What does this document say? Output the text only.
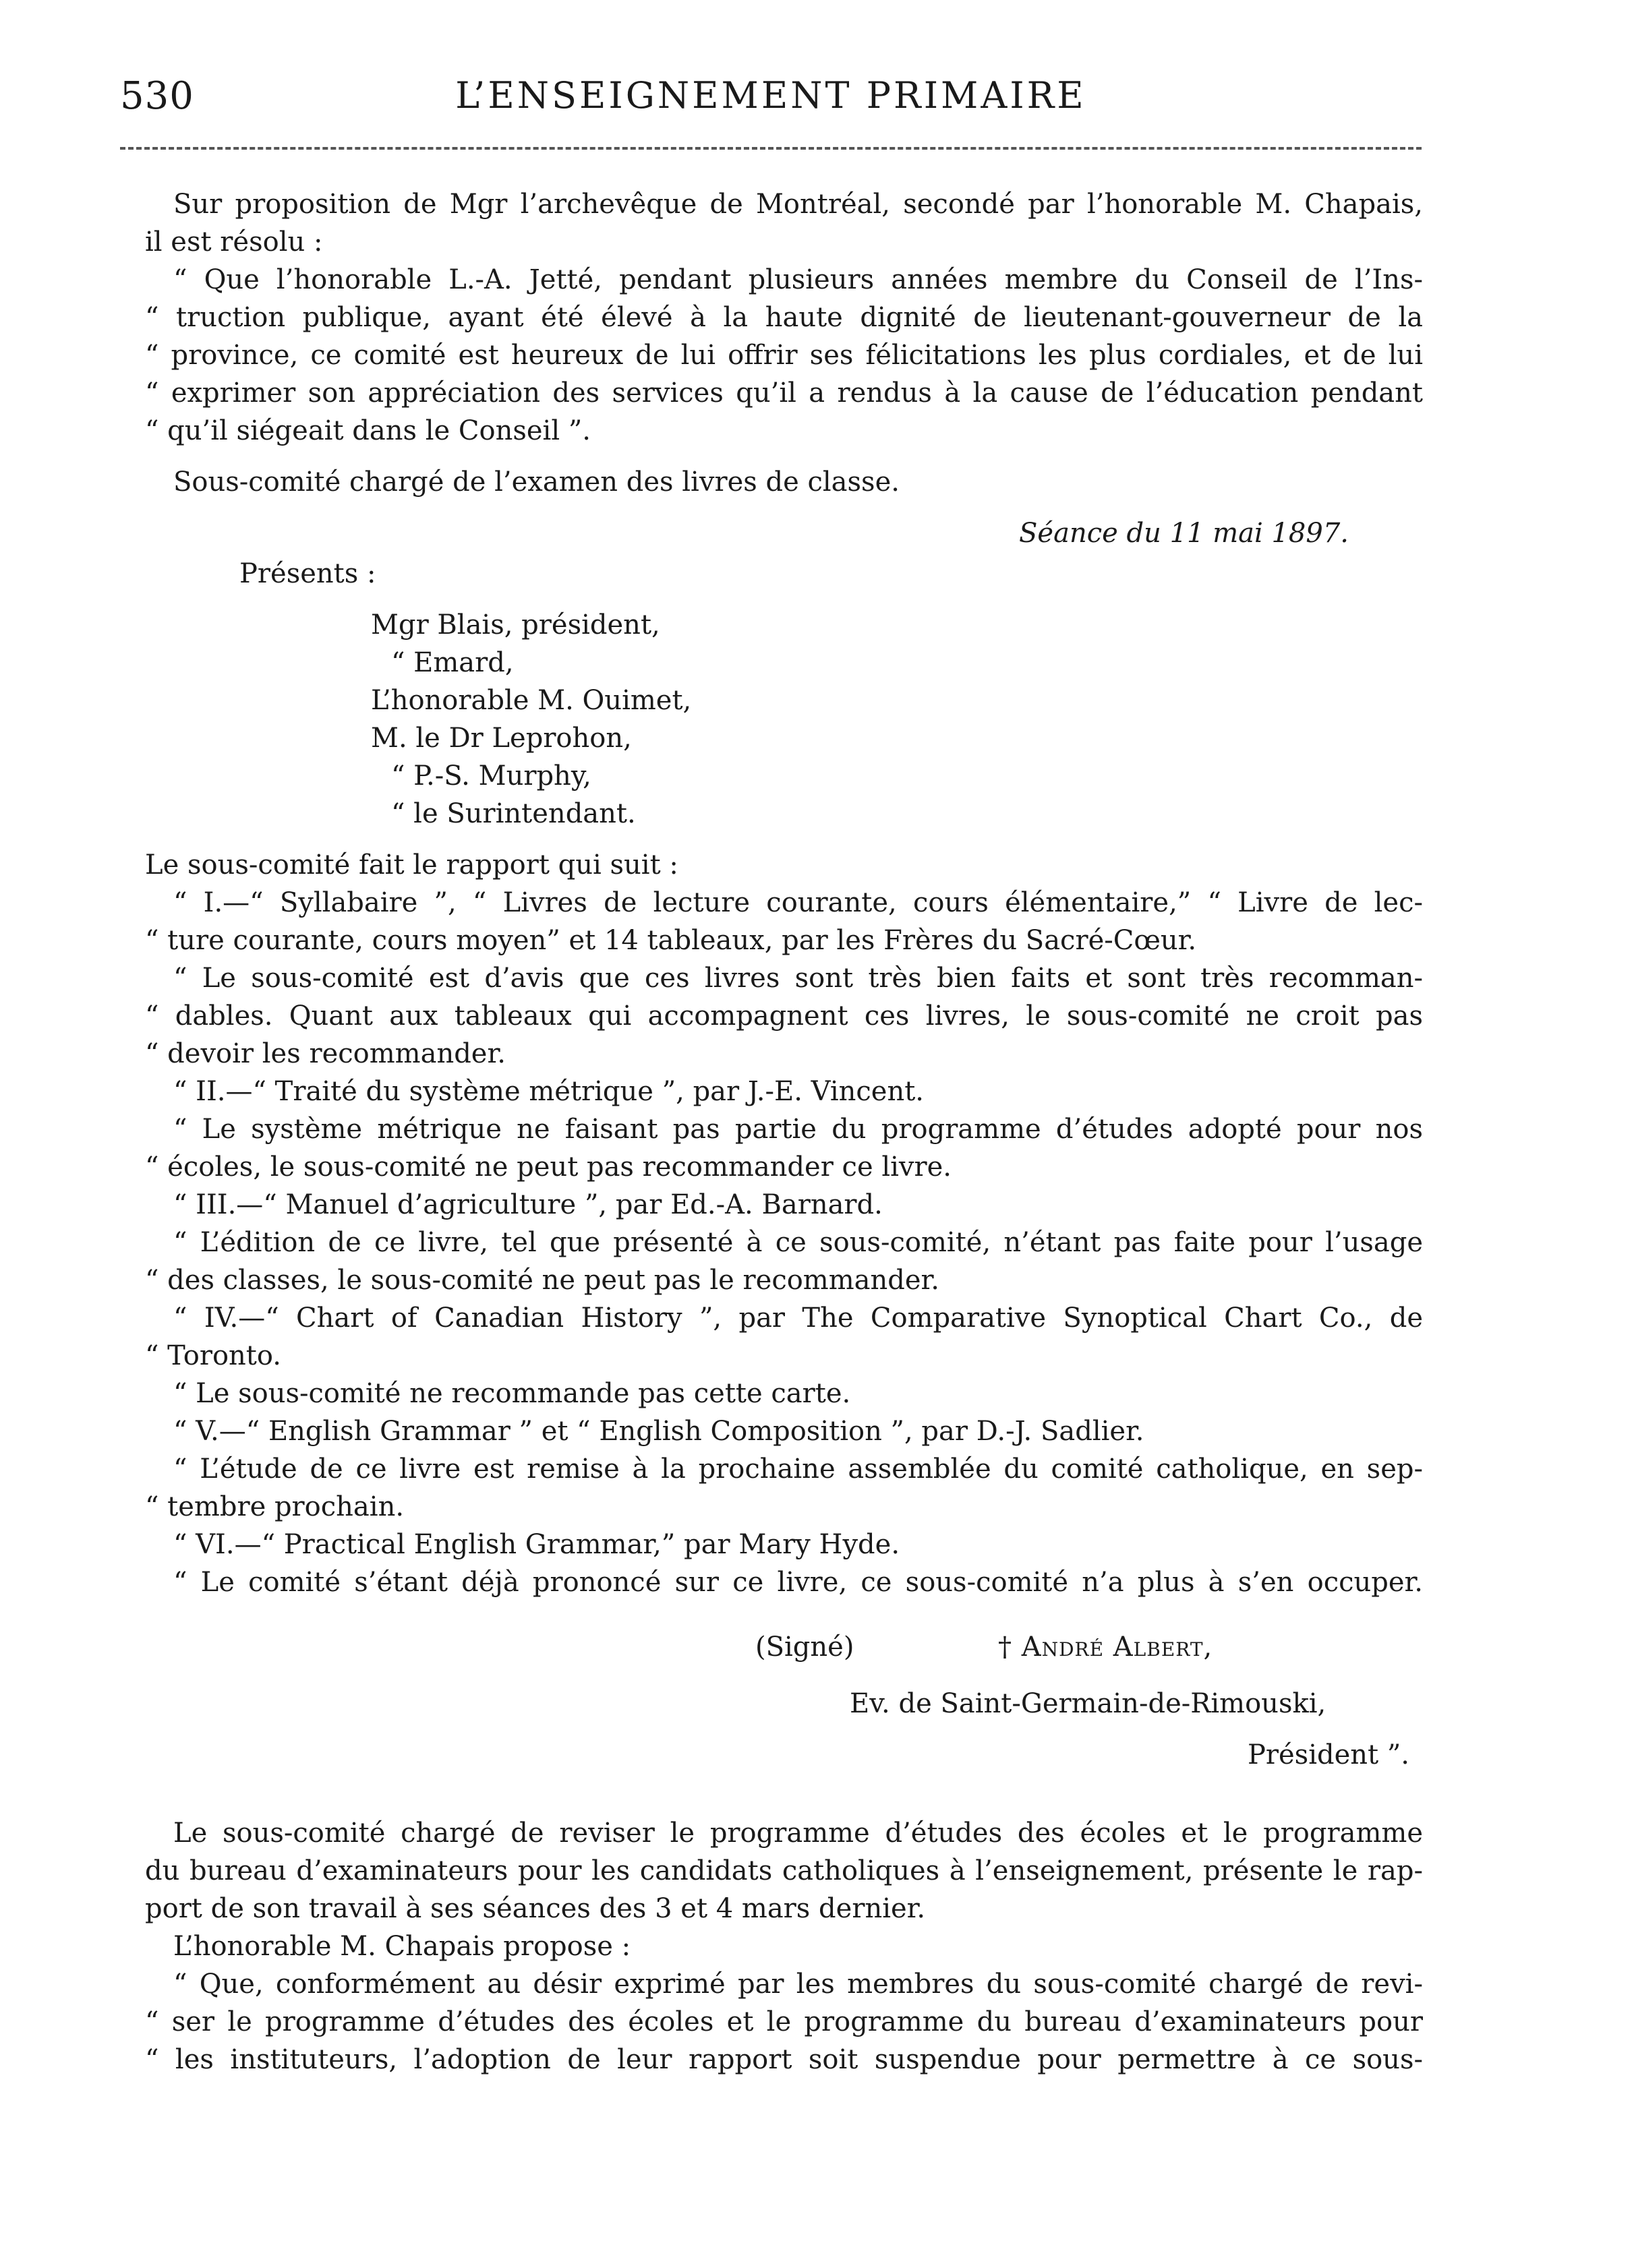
530	L’ENSEIGNEMENT PRIMAIRE
Sur proposition de Mgr l’archevêque de Montréal, secondé par l’honorable M. Chapais,
il est résolu :
“ Que l’honorable L.-A. Jetté, pendant plusieurs années membre du Conseil de l’Ins-
“ truction publique, ayant été élevé à la haute dignité de lieutenant-gouverneur de la
“ province, ce comité est heureux de lui offrir ses félicitations les plus cordiales, et de lui
“ exprimer son appréciation des services qu’il a rendus à la cause de l’éducation pendant
“ qu’il siégeait dans le Conseil ”.
Sous-comité chargé de l’examen des livres de classe.
Séance du 11 mai 1897.
Présents :
Mgr Blais, président,
“ Emard,
L’honorable M. Ouimet,
M. le Dr Leprohon,
“ P.-S. Murphy,
“ le Surintendant.
Le sous-comité fait le rapport qui suit :
“ I.—“ Syllabaire ”, “ Livres de lecture courante, cours élémentaire,” “ Livre de lec-
“ ture courante, cours moyen” et 14 tableaux, par les Frères du Sacré-Cœur.
“ Le sous-comité est d’avis que ces livres sont très bien faits et sont très recomman-
“ dables. Quant aux tableaux qui accompagnent ces livres, le sous-comité ne croit pas
“ devoir les recommander.
“ II.—“ Traité du système métrique ”, par J.-E. Vincent.
“ Le système métrique ne faisant pas partie du programme d’études adopté pour nos
“ écoles, le sous-comité ne peut pas recommander ce livre.
“ III.—“ Manuel d’agriculture ”, par Ed.-A. Barnard.
“ L’édition de ce livre, tel que présenté à ce sous-comité, n’étant pas faite pour l’usage
“ des classes, le sous-comité ne peut pas le recommander.
“ IV.—“ Chart of Canadian History ”, par The Comparative Synoptical Chart Co., de
“ Toronto.
“ Le sous-comité ne recommande pas cette carte.
“ V.—“ English Grammar ” et “ English Composition ”, par D.-J. Sadlier.
“ L’étude de ce livre est remise à la prochaine assemblée du comité catholique, en sep-
“ tembre prochain.
“ VI.—“ Practical English Grammar,” par Mary Hyde.
“ Le comité s’étant déjà prononcé sur ce livre, ce sous-comité n’a plus à s’en occuper.
(Signé)	† André Albert,
Ev. de Saint-Germain-de-Rimouski,
Président ”.
Le sous-comité chargé de reviser le programme d’études des écoles et le programme
du bureau d’examinateurs pour les candidats catholiques à l’enseignement, présente le rap-
port de son travail à ses séances des 3 et 4 mars dernier.
L’honorable M. Chapais propose :
“ Que, conformément au désir exprimé par les membres du sous-comité chargé de revi-
“ ser le programme d’études des écoles et le programme du bureau d’examinateurs pour
“ les instituteurs, l’adoption de leur rapport soit suspendue pour permettre à ce sous-
